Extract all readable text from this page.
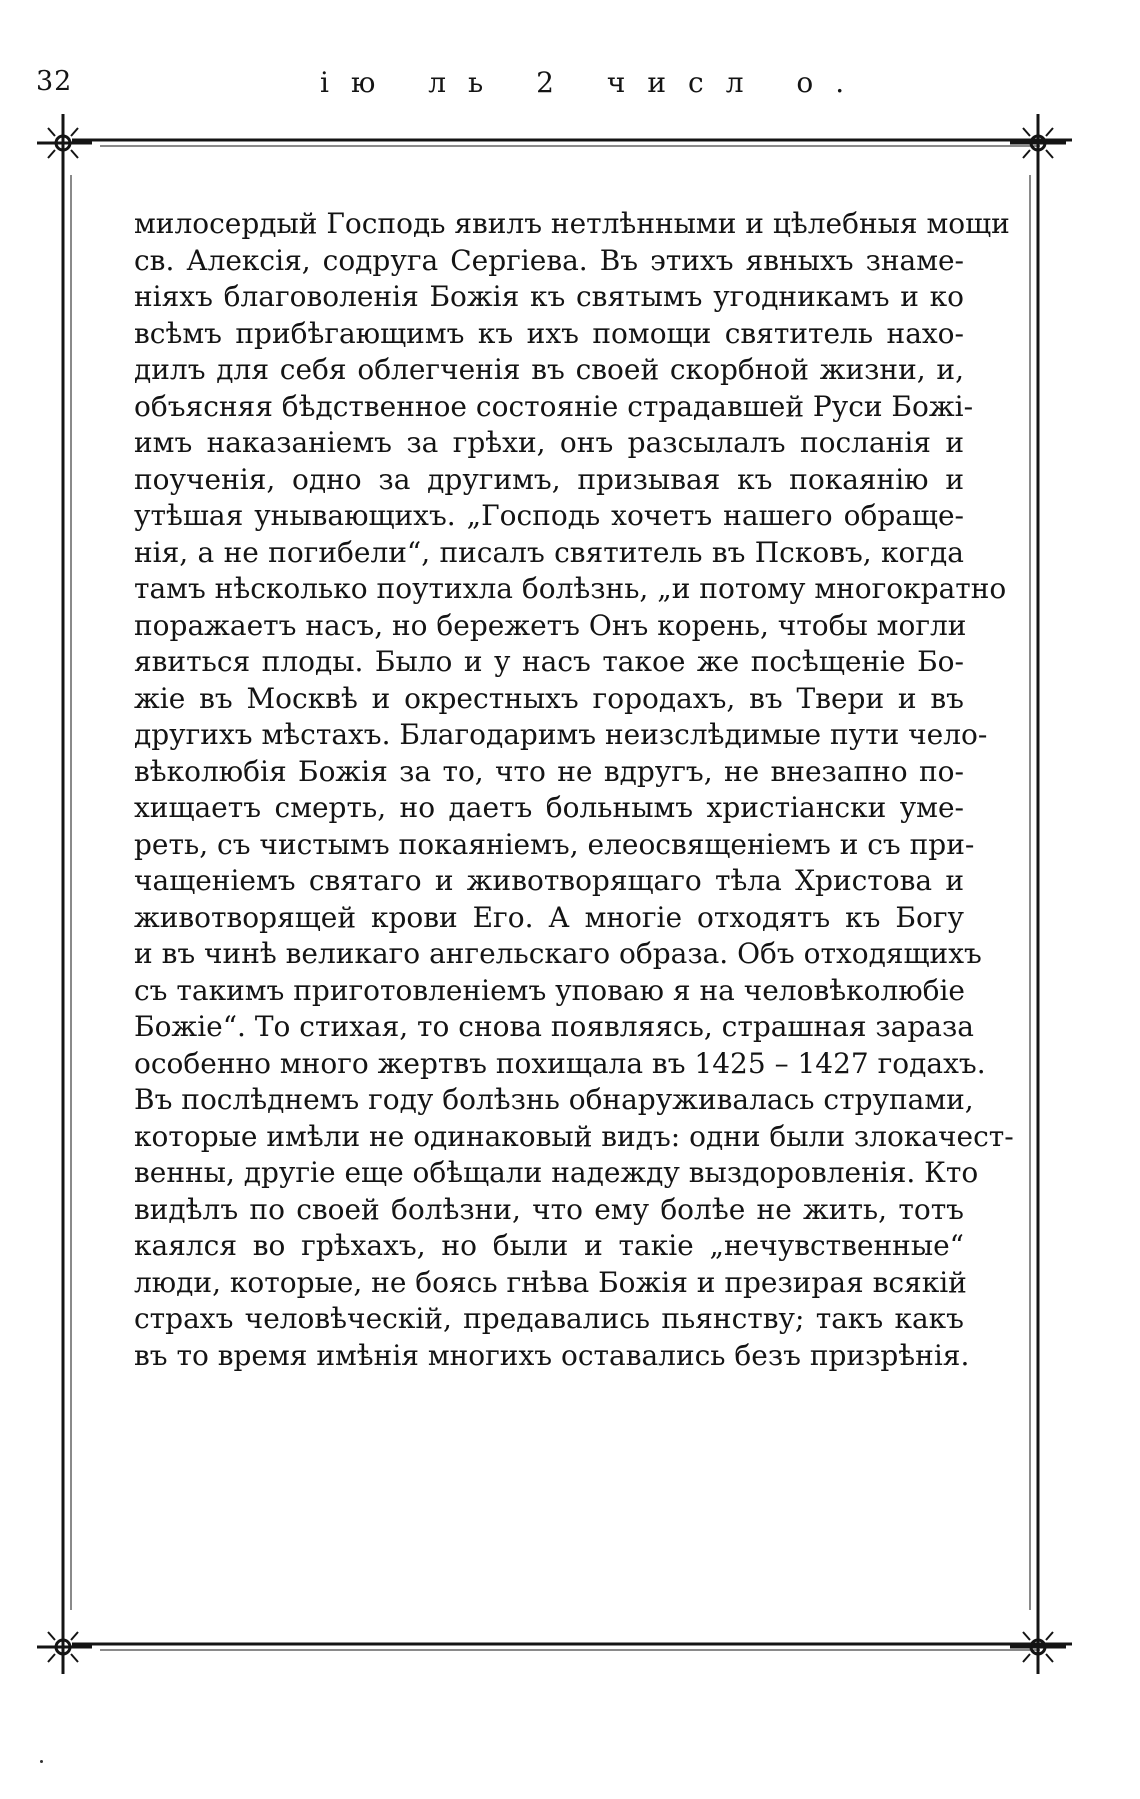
32	ію ль 2 числ о.
милосердый Господь явилъ нетлѣнными и цѣлебныя мощи
св. Алексія, содруга Сергіева. Въ этихъ явныхъ знаме-
ніяхъ благоволенія Божія къ святымъ угодникамъ и ко
всѣмъ прибѣгающимъ къ ихъ помощи святитель нахо-
дилъ для себя облегченія въ своей скорбной жизни, и,
объясняя бѣдственное состояніе страдавшей Руси Божі-
имъ наказаніемъ за грѣхи, онъ разсылалъ посланія и
поученія, одно за другимъ, призывая къ покаянію и
утѣшая унывающихъ. „Господь хочетъ нашего обраще-
нія, а не погибели“, писалъ святитель въ Псковъ, когда
тамъ нѣсколько поутихла болѣзнь, „и потому многократно
поражаетъ насъ, но бережетъ Онъ корень, чтобы могли
явиться плоды. Было и у насъ такое же посѣщеніе Бо-
жіе въ Москвѣ и окрестныхъ городахъ, въ Твери и въ
другихъ мѣстахъ. Благодаримъ неизслѣдимые пути чело-
вѣколюбія Божія за то, что не вдругъ, не внезапно по-
хищаетъ смерть, но даетъ больнымъ христіански уме-
реть, съ чистымъ покаяніемъ, елеосвященіемъ и съ при-
чащеніемъ святаго и животворящаго тѣла Христова и
животворящей крови Его. А многіе отходятъ къ Богу
и въ чинѣ великаго ангельскаго образа. Объ отходящихъ
съ такимъ приготовленіемъ уповаю я на человѣколюбіе
Божіе“. То стихая, то снова появляясь, страшная зараза
особенно много жертвъ похищала въ 1425 – 1427 годахъ.
Въ послѣднемъ году болѣзнь обнаруживалась струпами,
которые имѣли не одинаковый видъ: одни были злокачест-
венны, другіе еще обѣщали надежду выздоровленія. Кто
видѣлъ по своей болѣзни, что ему болѣе не жить, тотъ
каялся во грѣхахъ, но были и такіе „нечувственные“
люди, которые, не боясь гнѣва Божія и презирая всякій
страхъ человѣческій, предавались пьянству; такъ какъ
въ то время имѣнія многихъ оставались безъ призрѣнія.
